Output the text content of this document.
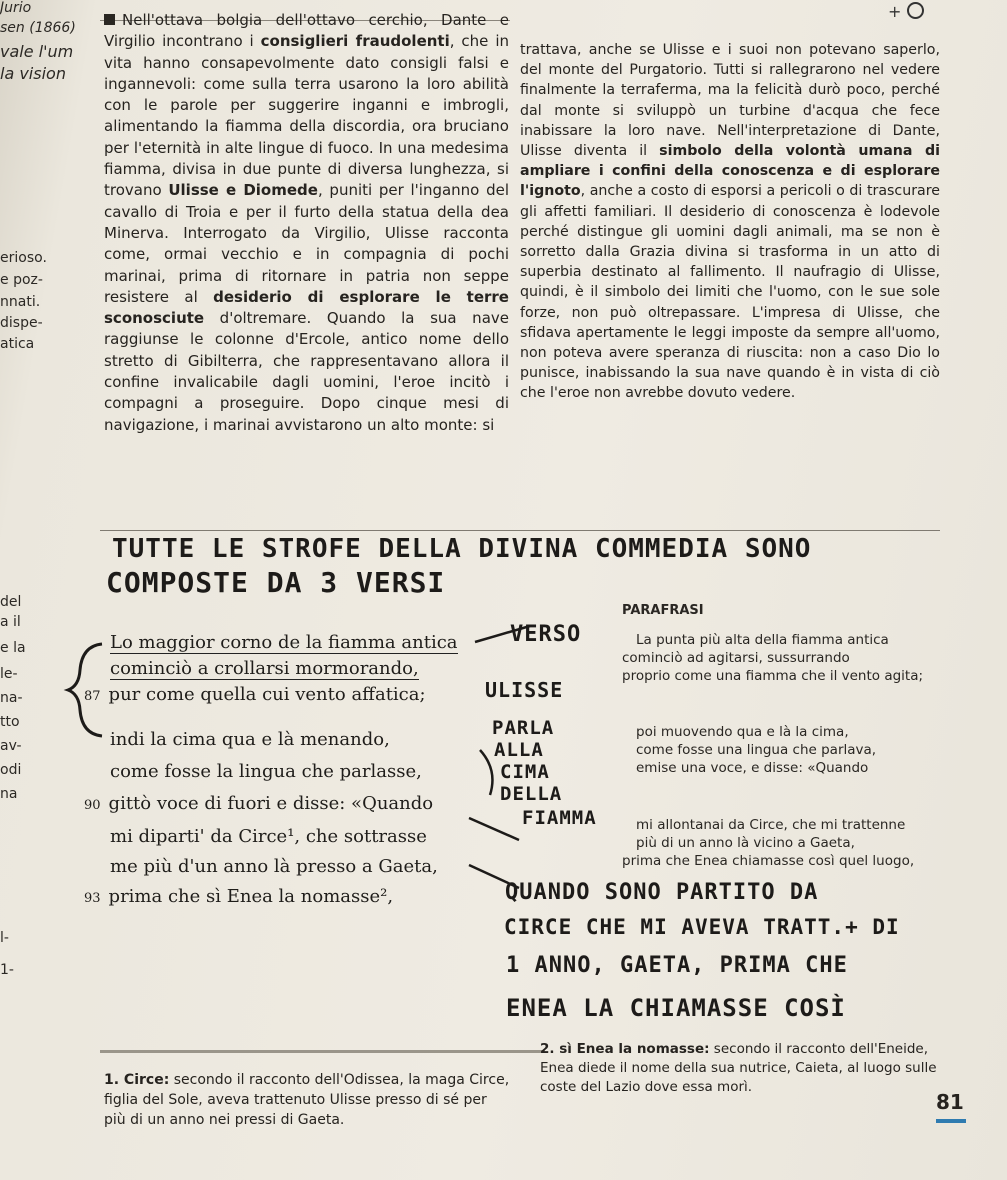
+
Jurio
sen (1866)
vale l'um
la vision
erioso.
e poz-
nnati.
dispe-
atica
del
a il
e la
le-
na-
tto
av-
odi
na
l-
1-

Nell'ottava bolgia dell'ottavo cerchio, Dante e Virgilio incontrano i consiglieri fraudolenti, che in vita hanno consapevolmente dato consigli falsi e ingannevoli: come sulla terra usarono la loro abilità con le parole per suggerire inganni e imbrogli, alimentando la fiamma della discordia, ora bruciano per l'eternità in alte lingue di fuoco. In una medesima fiamma, divisa in due punte di diversa lunghezza, si trovano Ulisse e Diomede, puniti per l'inganno del cavallo di Troia e per il furto della statua della dea Minerva. Interrogato da Virgilio, Ulisse racconta come, ormai vecchio e in compagnia di pochi marinai, prima di ritornare in patria non seppe resistere al desiderio di esplorare le terre sconosciute d'oltremare. Quando la sua nave raggiunse le colonne d'Ercole, antico nome dello stretto di Gibilterra, che rappresentavano allora il confine invalicabile dagli uomini, l'eroe incitò i compagni a proseguire. Dopo cinque mesi di navigazione, i marinai avvistarono un alto monte: si

trattava, anche se Ulisse e i suoi non potevano saperlo, del monte del Purgatorio. Tutti si rallegrarono nel vedere finalmente la terraferma, ma la felicità durò poco, perché dal monte si sviluppò un turbine d'acqua che fece inabissare la loro nave. Nell'interpretazione di Dante, Ulisse diventa il simbolo della volontà umana di ampliare i confini della conoscenza e di esplorare l'ignoto, anche a costo di esporsi a pericoli o di trascurare gli affetti familiari. Il desiderio di conoscenza è lodevole perché distingue gli uomini dagli animali, ma se non è sorretto dalla Grazia divina si trasforma in un atto di superbia destinato al fallimento. Il naufragio di Ulisse, quindi, è il simbolo dei limiti che l'uomo, con le sue sole forze, non può oltrepassare. L'impresa di Ulisse, che sfidava apertamente le leggi imposte da sempre all'uomo, non poteva avere speranza di riuscita: non a caso Dio lo punisce, inabissando la sua nave quando è in vista di ciò che l'eroe non avrebbe dovuto vedere.

TUTTE LE STROFE DELLA DIVINA COMMEDIA SONO
COMPOSTE DA 3 VERSI
PARAFRASI
Lo maggior corno de la fiamma antica
cominciò a crollarsi mormorando,
87 pur come quella cui vento affatica;
indi la cima qua e là menando,
come fosse la lingua che parlasse,
90 gittò voce di fuori e disse: «Quando
mi diparti' da Circe¹, che sottrasse
me più d'un anno là presso a Gaeta,
93 prima che sì Enea la nomasse²,
VERSO
ULISSE
PARLA
ALLA
CIMA
DELLA
FIAMMA
La punta più alta della fiamma antica
cominciò ad agitarsi, sussurrando
proprio come una fiamma che il vento agita;
poi muovendo qua e là la cima,
come fosse una lingua che parlava,
emise una voce, e disse: «Quando
mi allontanai da Circe, che mi trattenne
più di un anno là vicino a Gaeta,
prima che Enea chiamasse così quel luogo,
QUANDO SONO PARTITO DA
CIRCE CHE MI AVEVA TRATT.+ DI
1 ANNO, GAETA, PRIMA CHE
ENEA LA CHIAMASSE COSÌ
1. Circe: secondo il racconto dell'Odissea, la maga Circe, figlia del Sole, aveva trattenuto Ulisse presso di sé per più di un anno nei pressi di Gaeta.
2. sì Enea la nomasse: secondo il racconto dell'Eneide, Enea diede il nome della sua nutrice, Caieta, al luogo sulle coste del Lazio dove essa morì.
81
